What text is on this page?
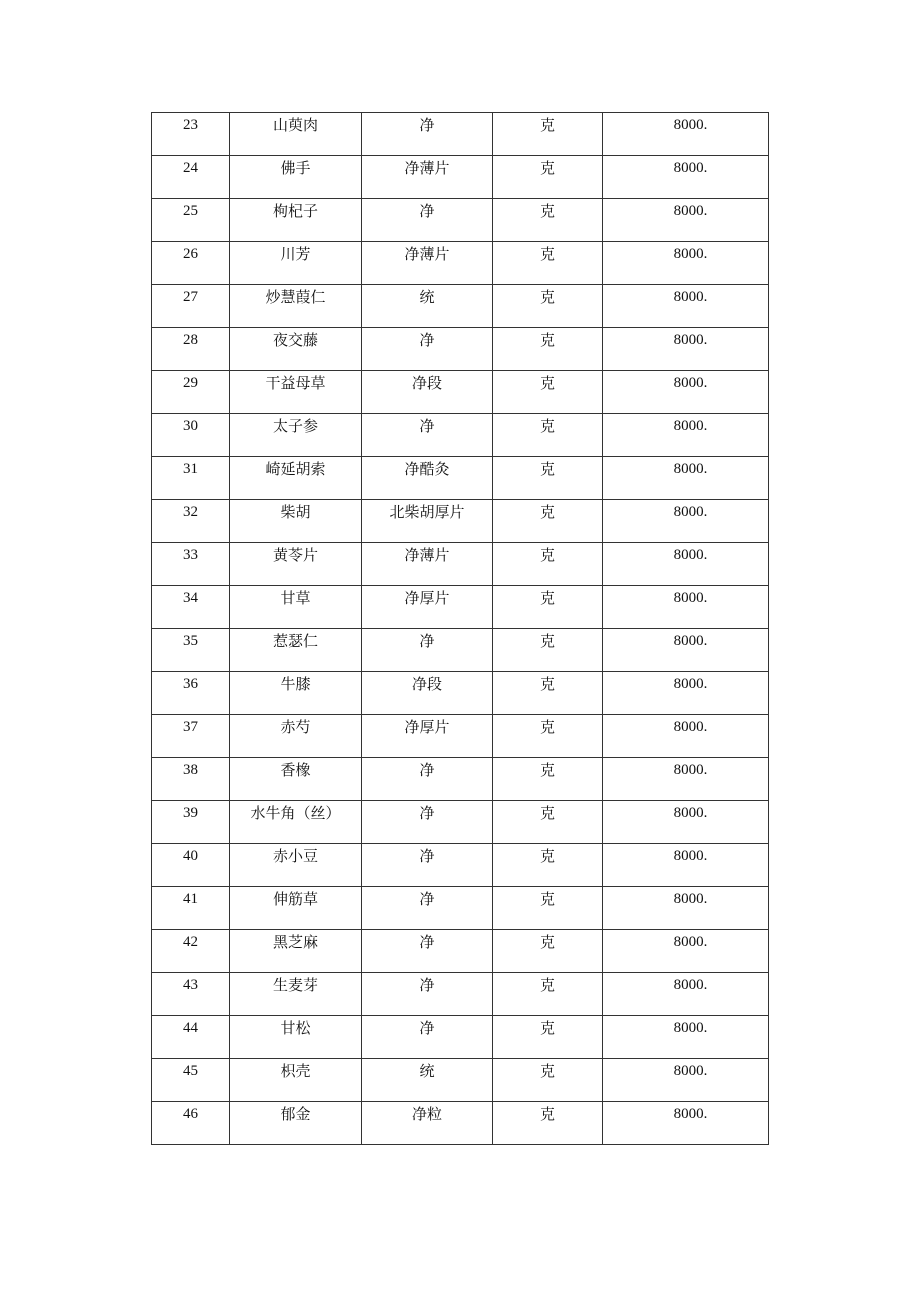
23	山萸肉	净	克	8000.
24	佛手	净薄片	克	8000.
25	枸杞子	净	克	8000.
26	川芳	净薄片	克	8000.
27	炒慧葭仁	统	克	8000.
28	夜交藤	净	克	8000.
29	干益母草	净段	克	8000.
30	太子参	净	克	8000.
31	崎延胡索	净酷灸	克	8000.
32	柴胡	北柴胡厚片	克	8000.
33	黄苓片	净薄片	克	8000.
34	甘草	净厚片	克	8000.
35	惹瑟仁	净	克	8000.
36	牛膝	净段	克	8000.
37	赤芍	净厚片	克	8000.
38	香橡	净	克	8000.
39	水牛角（丝）	净	克	8000.
40	赤小豆	净	克	8000.
41	伸筋草	净	克	8000.
42	黑芝麻	净	克	8000.
43	生麦芽	净	克	8000.
44	甘松	净	克	8000.
45	枳壳	统	克	8000.
46	郁金	净粒	克	8000.
